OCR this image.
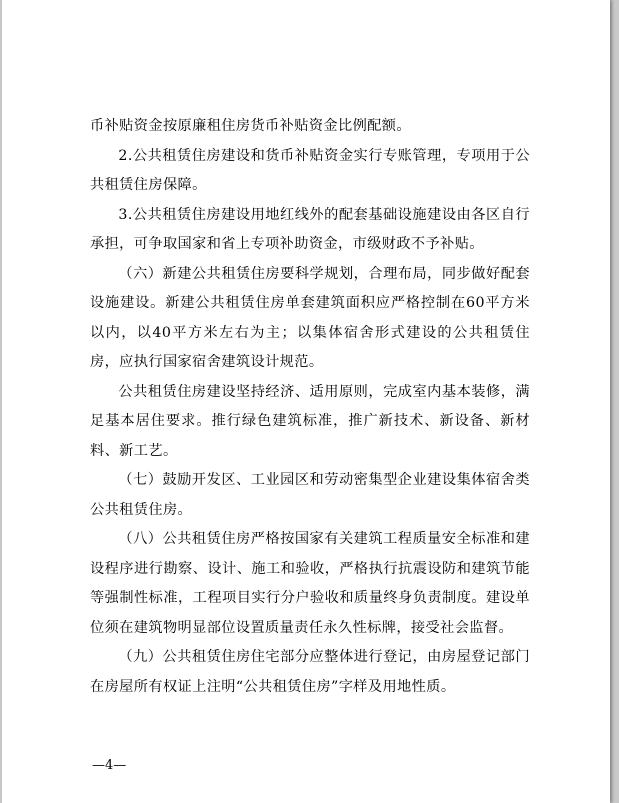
币补贴资金按原廉租住房货币补贴资金比例配额。

2.公共租赁住房建设和货币补贴资金实行专账管理，专项用于公共租赁住房保障。

3.公共租赁住房建设用地红线外的配套基础设施建设由各区自行承担，可争取国家和省上专项补助资金，市级财政不予补贴。

（六）新建公共租赁住房要科学规划，合理布局，同步做好配套设施建设。新建公共租赁住房单套建筑面积应严格控制在60平方米以内，以40平方米左右为主；以集体宿舍形式建设的公共租赁住房，应执行国家宿舍建筑设计规范。

公共租赁住房建设坚持经济、适用原则，完成室内基本装修，满足基本居住要求。推行绿色建筑标准，推广新技术、新设备、新材料、新工艺。

（七）鼓励开发区、工业园区和劳动密集型企业建设集体宿舍类公共租赁住房。

（八）公共租赁住房严格按国家有关建筑工程质量安全标准和建设程序进行勘察、设计、施工和验收，严格执行抗震设防和建筑节能等强制性标准，工程项目实行分户验收和质量终身负责制度。建设单位须在建筑物明显部位设置质量责任永久性标牌，接受社会监督。

（九）公共租赁住房住宅部分应整体进行登记，由房屋登记部门在房屋所有权证上注明“公共租赁住房”字样及用地性质。

—4—
